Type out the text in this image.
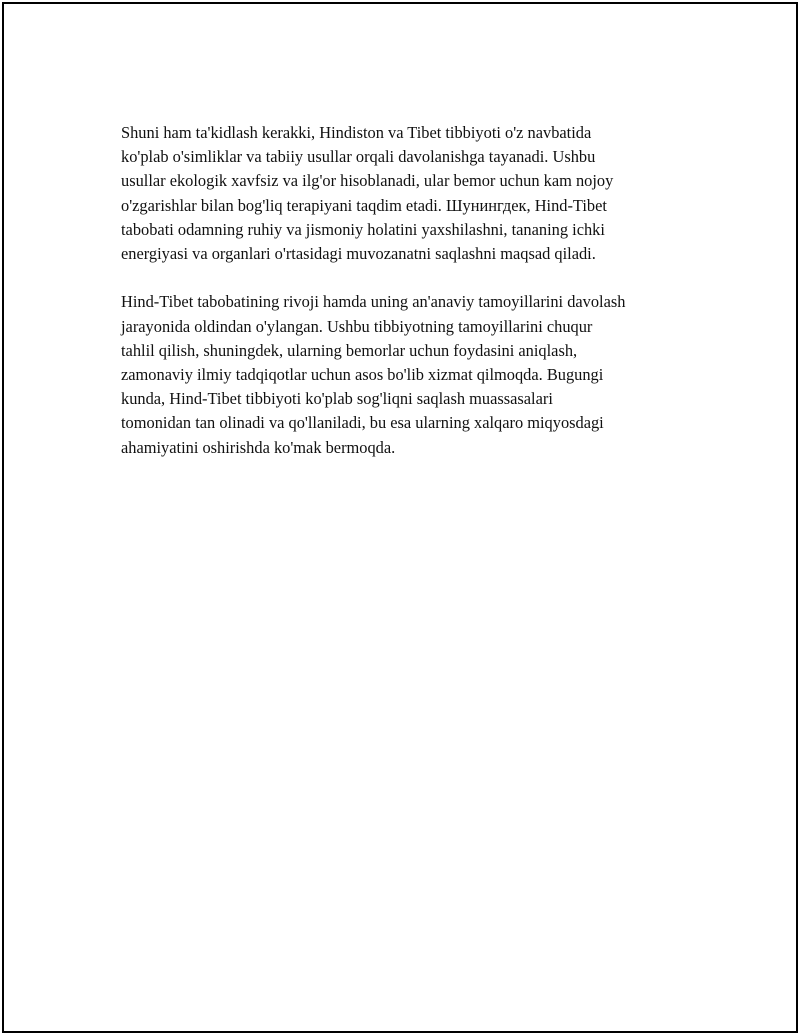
Shuni ham ta'kidlash kerakki, Hindiston va Tibet tibbiyoti o'z navbatida
ko'plab o'simliklar va tabiiy usullar orqali davolanishga tayanadi. Ushbu
usullar ekologik xavfsiz va ilg'or hisoblanadi, ular bemor uchun kam nojoy
o'zgarishlar bilan bog'liq terapiyani taqdim etadi. Шунингдек, Hind-Tibet
tabobati odamning ruhiy va jismoniy holatini yaxshilashni, tananing ichki
energiyasi va organlari o'rtasidagi muvozanatni saqlashni maqsad qiladi.

Hind-Tibet tabobatining rivoji hamda uning an'anaviy tamoyillarini davolash
jarayonida oldindan o'ylangan. Ushbu tibbiyotning tamoyillarini chuqur
tahlil qilish, shuningdek, ularning bemorlar uchun foydasini aniqlash,
zamonaviy ilmiy tadqiqotlar uchun asos bo'lib xizmat qilmoqda. Bugungi
kunda, Hind-Tibet tibbiyoti ko'plab sog'liqni saqlash muassasalari
tomonidan tan olinadi va qo'llaniladi, bu esa ularning xalqaro miqyosdagi
ahamiyatini oshirishda ko'mak bermoqda.
